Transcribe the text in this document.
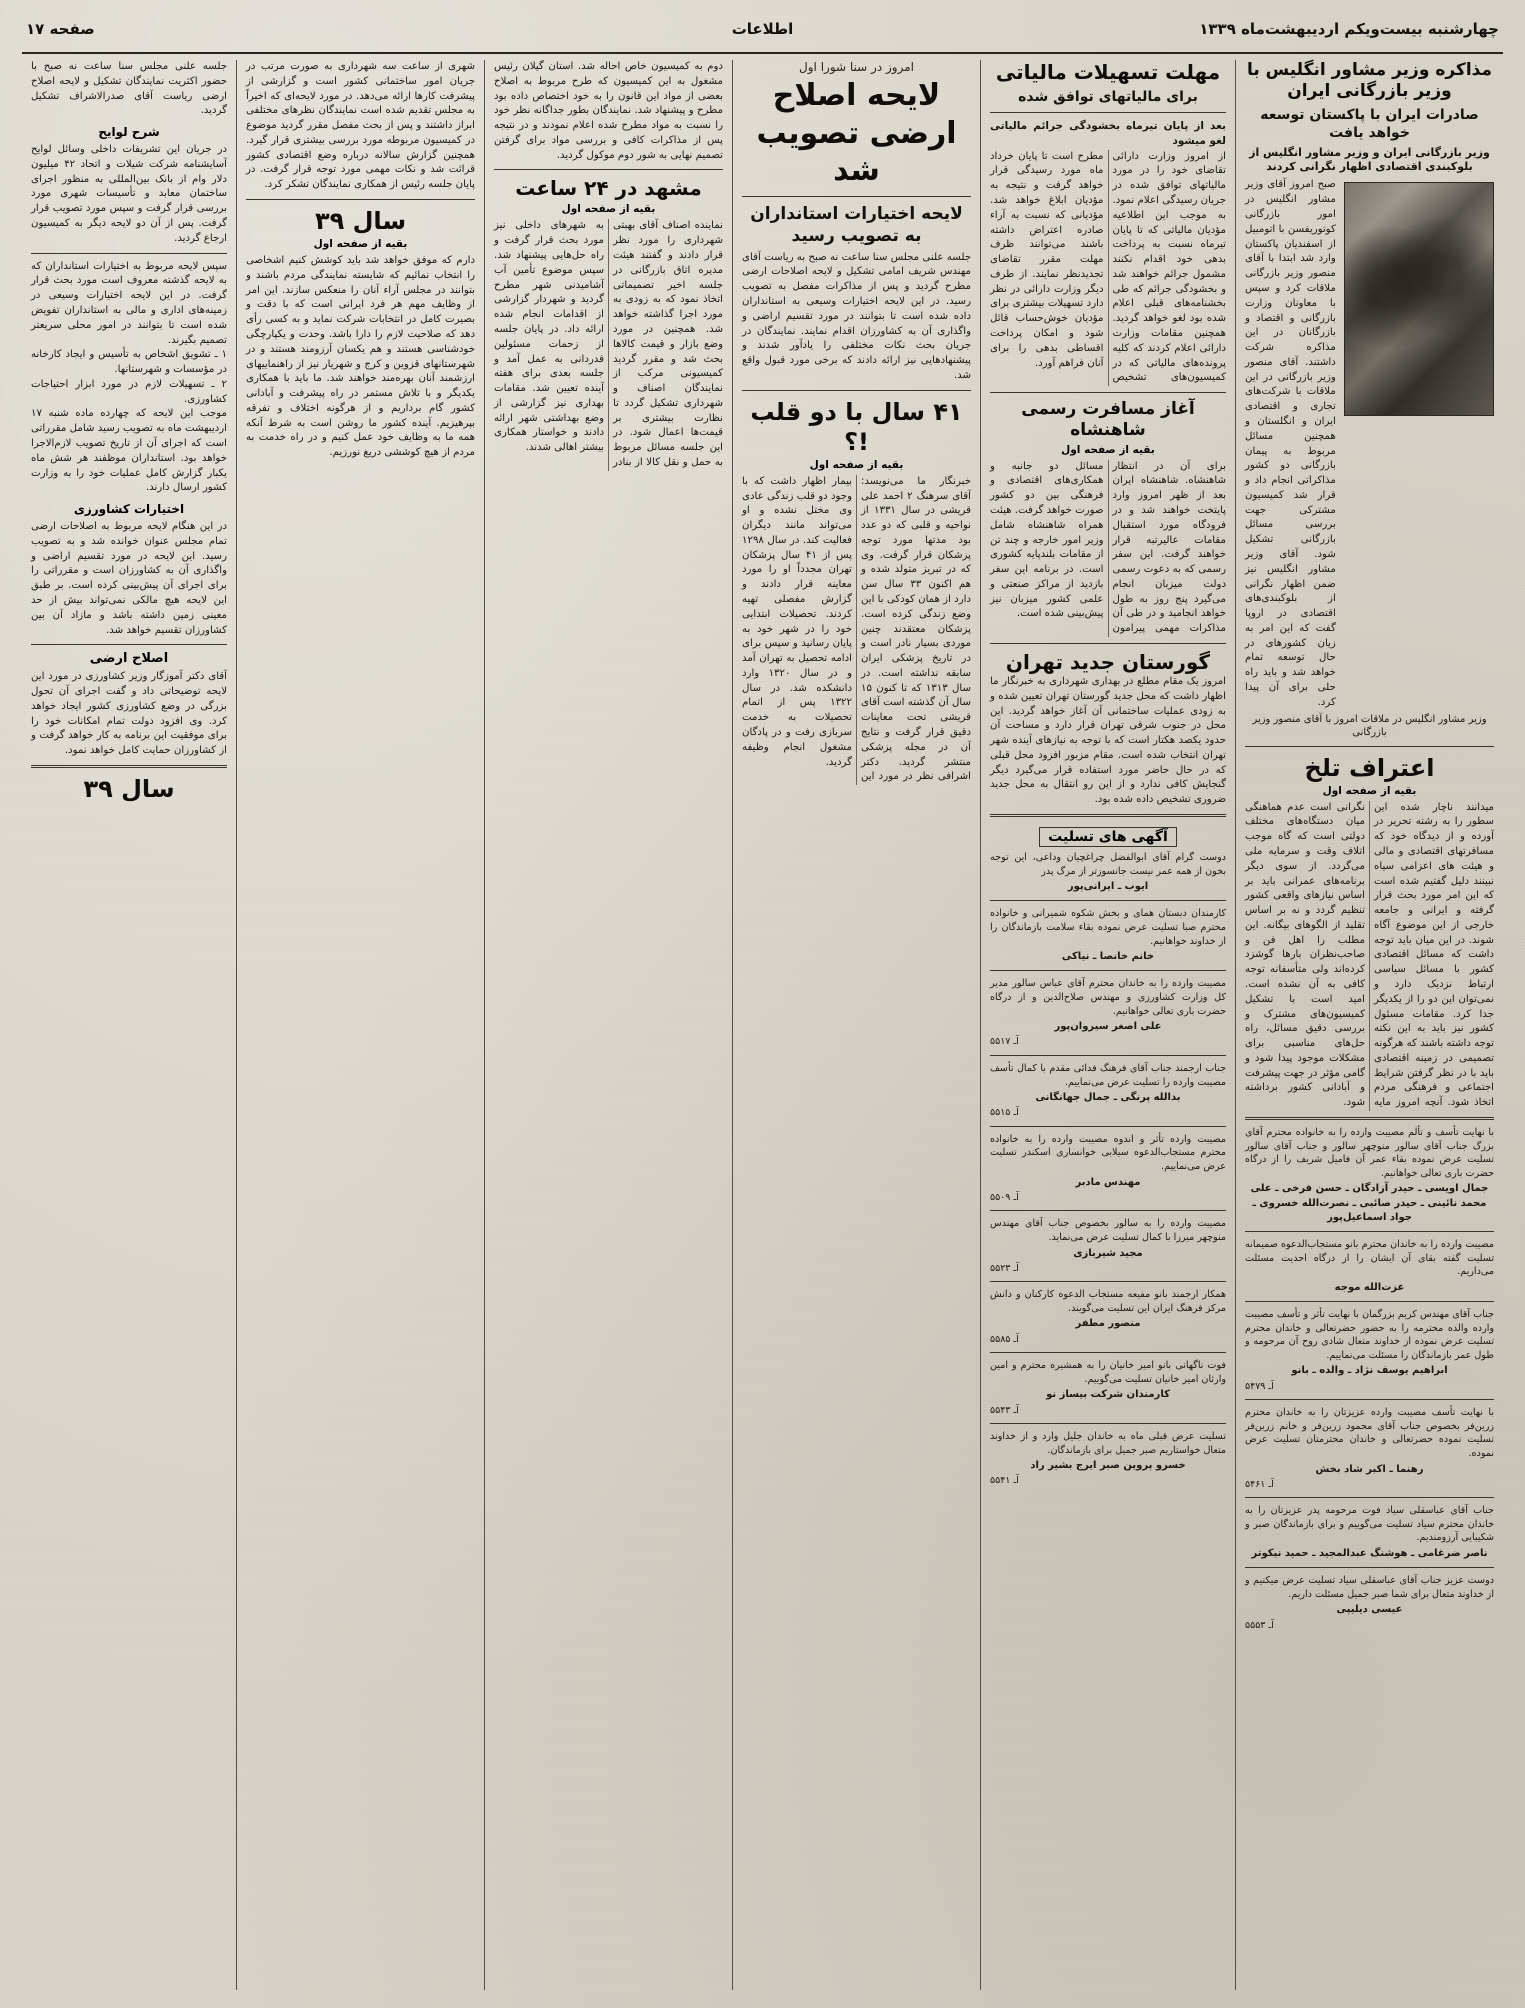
صفحه ۱۷	اطلاعات	چهارشنبه بیست‌ویکم اردیبهشت‌ماه ۱۳۳۹
مذاکره وزیر مشاور انگلیس با وزیر بازرگانی ایران
صادرات ایران با پاکستان توسعه خواهد یافت
وزیر بازرگانی ایران و وزیر مشاور انگلیس از بلوکبندی اقتصادی اظهار نگرانی کردند
صبح امروز آقای وزیر مشاور انگلیس در امور بازرگانی کوتوریفسن با اتومبیل از اسفندیان پاکستان وارد شد ابتدا با آقای منصور وزیر بازرگانی ملاقات کرد و سپس با معاونان وزارت بازرگانی و اقتصاد و بازرگانان در این مذاکره شرکت داشتند. آقای منصور وزیر بازرگانی در این ملاقات با شرکت‌های تجاری و اقتصادی ایران و انگلستان و همچنین مسائل مربوط به پیمان بازرگانی دو کشور مذاکراتی انجام داد و قرار شد کمیسیون مشترکی جهت بررسی مسائل بازرگانی تشکیل شود. آقای وزیر مشاور انگلیس نیز ضمن اظهار نگرانی از بلوکبندی‌های اقتصادی در اروپا گفت که این امر به زیان کشورهای در حال توسعه تمام خواهد شد و باید راه حلی برای آن پیدا کرد.
وزیر مشاور انگلیس در ملاقات امروز با آقای منصور وزیر بازرگانی
اعتراف تلخ
بقیه از صفحه اول
میدانند ناچار شده این سطور را به رشته تحریر در آورده و از دیدگاه خود که مسافرتهای اقتصادی و مالی و هیئت های اعزامی سیاه نبینند دلیل گفتیم شده است که این امر مورد بحث قرار گرفته و ایرانی و جامعه خارجی از این موضوع آگاه شوند. در این میان باید توجه داشت که مسائل اقتصادی کشور با مسائل سیاسی ارتباط نزدیک دارد و نمی‌توان این دو را از یکدیگر جدا کرد. مقامات مسئول کشور نیز باید به این نکته توجه داشته باشند که هرگونه تصمیمی در زمینه اقتصادی باید با در نظر گرفتن شرایط اجتماعی و فرهنگی مردم اتخاذ شود. آنچه امروز مایه نگرانی است عدم هماهنگی میان دستگاه‌های مختلف دولتی است که گاه موجب اتلاف وقت و سرمایه ملی می‌گردد. از سوی دیگر برنامه‌های عمرانی باید بر اساس نیازهای واقعی کشور تنظیم گردد و نه بر اساس تقلید از الگوهای بیگانه. این مطلب را اهل فن و صاحب‌نظران بارها گوشزد کرده‌اند ولی متأسفانه توجه کافی به آن نشده است. امید است با تشکیل کمیسیون‌های مشترک و بررسی دقیق مسائل، راه حل‌های مناسبی برای مشکلات موجود پیدا شود و گامی مؤثر در جهت پیشرفت و آبادانی کشور برداشته شود.
با نهایت تأسف و تألم مصیبت وارده را به خانواده محترم آقای بزرگ جناب آقای سالور منوچهر سالور و جناب آقای سالور تسلیت عرض نموده بقاء عمر آن فامیل شریف را از درگاه حضرت باری تعالی خواهانیم.
جمال اویسی ـ حیدر آزادگان ـ حسن فرخی ـ علی محمد نائینی ـ حیدر صائبی ـ نصرت‌الله خسروی ـ جواد اسماعیل‌پور
مصیبت وارده را به خاندان محترم بانو مستجاب‌الدعوه صمیمانه تسلیت گفته بقای آن ایشان را از درگاه احدیت مسئلت می‌داریم.
عزت‌الله موجه
جناب آقای مهندس کریم بزرگمان با نهایت تأثر و تأسف مصیبت وارده والده محترمه را به حضور حضرتعالی و خاندان محترم تسلیت عرض نموده از خداوند متعال شادی روح آن مرحومه و طول عمر بازماندگان را مسئلت می‌نماییم.
ابراهیم یوسف نژاد ـ والده ـ بانو
آـ ۵۴۷۹
با نهایت تأسف مصیبت وارده عزیزتان را به خاندان محترم زرین‌فر بخصوص جناب آقای محمود زرین‌فر و خانم زرین‌فر تسلیت نموده حضرتعالی و خاندان محترمتان تسلیت عرض نموده.
رهنما ـ اکبر شاد بخش
آـ ۵۴۶۱
جناب آقای عباسقلی سیاد فوت مرحومه پدر عزیزتان را به خاندان محترم سیاد تسلیت می‌گوییم و برای بازماندگان صبر و شکیبایی آرزومندیم.
ناصر ضرغامی ـ هوشنگ عبدالمجید ـ حمید نیکوتر
دوست عزیز جناب آقای عباسقلی سیاد تسلیت عرض میکنیم و از خداوند متعال برای شما صبر جمیل مسئلت داریم.
عیسی دیلیپی
آـ ۵۵۵۳
مهلت تسهیلات مالیاتی
برای مالیاتهای توافق شده
بعد از پایان تیرماه بخشودگی جرائم مالیاتی لغو میشود
از امروز وزارت دارائی تقاضای خود را در مورد مالیاتهای توافق شده در جریان رسیدگی اعلام نمود. به موجب این اطلاعیه مؤدیان مالیاتی که تا پایان تیرماه نسبت به پرداخت بدهی خود اقدام نکنند مشمول جرائم خواهند شد و بخشودگی جرائم که طی بخشنامه‌های قبلی اعلام شده بود لغو خواهد گردید. همچنین مقامات وزارت دارائی اعلام کردند که کلیه پرونده‌های مالیاتی که در کمیسیون‌های تشخیص مطرح است تا پایان خرداد ماه مورد رسیدگی قرار خواهد گرفت و نتیجه به مؤدیان ابلاغ خواهد شد. مؤدیانی که نسبت به آراء صادره اعتراض داشته باشند می‌توانند ظرف مهلت مقرر تقاضای تجدیدنظر نمایند. از طرف دیگر وزارت دارائی در نظر دارد تسهیلات بیشتری برای مؤدیان خوش‌حساب قائل شود و امکان پرداخت اقساطی بدهی را برای آنان فراهم آورد.
آغاز مسافرت رسمی شاهنشاه
بقیه از صفحه اول
برای آن در انتظار شاهنشاه. شاهنشاه ایران بعد از ظهر امروز وارد پایتخت خواهند شد و در فرودگاه مورد استقبال مقامات عالیرتبه قرار خواهند گرفت. این سفر رسمی که به دعوت رسمی دولت میزبان انجام می‌گیرد پنج روز به طول خواهد انجامید و در طی آن مذاکرات مهمی پیرامون مسائل دو جانبه و همکاری‌های اقتصادی و فرهنگی بین دو کشور صورت خواهد گرفت. هیئت همراه شاهنشاه شامل وزیر امور خارجه و چند تن از مقامات بلندپایه کشوری است. در برنامه این سفر بازدید از مراکز صنعتی و علمی کشور میزبان نیز پیش‌بینی شده است.
گورستان جدید تهران
امروز یک مقام مطلع در بهداری شهرداری به خبرنگار ما اظهار داشت که محل جدید گورستان تهران تعیین شده و به زودی عملیات ساختمانی آن آغاز خواهد گردید. این محل در جنوب شرقی تهران قرار دارد و مساحت آن حدود یکصد هکتار است که با توجه به نیازهای آینده شهر تهران انتخاب شده است. مقام مزبور افزود محل قبلی که در حال حاضر مورد استفاده قرار می‌گیرد دیگر گنجایش کافی ندارد و از این رو انتقال به محل جدید ضروری تشخیص داده شده بود.
آگهی های تسلیت
دوست گرام آقای ابوالفضل چراغچیان وداعی، این توجه بخون از همه عمر نیست جانسوزتر از مرگ پدر
ایوب ـ ایرانی‌پور
کارمندان دبستان همای و بخش شکوه شمیرانی و خانواده محترم صبا تسلیت عرض نموده بقاء سلامت بازماندگان را از خداوند خواهانیم.
خانم خانصا ـ نیاکی
مصیبت وارده را به خاندان محترم آقای عباس سالور مدیر کل وزارت کشاورزی و مهندس صلاح‌الدین و از درگاه حضرت باری تعالی خواهانیم.
علی اصغر سیروان‌پور
آـ ۵۵۱۷
جناب ارجمند جناب آقای فرهنگ فدائی مقدم با کمال تأسف مصیبت وارده را تسلیت عرض می‌نماییم.
بدالله پرنگی ـ جمال جهانگانی
آـ ۵۵۱۵
مصیبت وارده تأثر و اندوه مصیبت وارده را به خانواده محترم مستجاب‌الدعوه سیلابی خوانساری اسکندر تسلیت عرض می‌نماییم.
مهندس مادبر
آـ ۵۵۰۹
مصیبت وارده را به سالور بخصوص جناب آقای مهندس منوچهر میرزا با کمال تسلیت عرض می‌نماید.
مجید شیربازی
آـ ۵۵۲۳
همکار ارجمند بانو مفیعه مستجاب الدعوه کارکنان و دانش مرکز فرهنگ ایران این تسلیت می‌گویند.
منصور مطفر
آـ ۵۵۸۵
فوت ناگهانی بانو امیر خانیان را به همشیره محترم و امین وارثان امیر خانیان تسلیت می‌گوییم.
کارمندان شرکت بیساز نو
آـ ۵۵۴۳
تسلیت عرض قبلی ماه به خاندان جلیل وارد و از خداوند متعال خواستاریم صبر جمیل برای بازماندگان.
خسرو پروین صبر ایرج بشیر راد
آـ ۵۵۴۱
امروز در سنا شورا اول
لایحه اصلاح ارضی تصویب شد
لایحه اختیارات استانداران به تصویب رسید
جلسه علنی مجلس سنا ساعت نه صبح به ریاست آقای مهندس شریف امامی تشکیل و لایحه اصلاحات ارضی مطرح گردید و پس از مذاکرات مفصل به تصویب رسید. در این لایحه اختیارات وسیعی به استانداران داده شده است تا بتوانند در مورد تقسیم اراضی و واگذاری آن به کشاورزان اقدام نمایند. نمایندگان در جریان بحث نکات مختلفی را یادآور شدند و پیشنهادهایی نیز ارائه دادند که برخی مورد قبول واقع شد.
۴۱ سال با دو قلب !؟
بقیه از صفحه اول
خبرنگار ما می‌نویسد: آقای سرهنگ ۲ احمد علی قریشی در سال ۱۳۳۱ از نواحیه و قلبی که دو عدد بود مدتها مورد توجه پزشکان قرار گرفت. وی که در تبریز متولد شده و هم اکنون ۳۳ سال سن دارد از همان کودکی با این وضع زندگی کرده است. پزشکان معتقدند چنین موردی بسیار نادر است و در تاریخ پزشکی ایران سابقه نداشته است. در سال ۱۳۱۳ که تا کنون ۱۵ سال آن گذشته است آقای قریشی تحت معاینات دقیق قرار گرفت و نتایج آن در مجله پزشکی منتشر گردید. دکتر اشرافی نظر در مورد این بیمار اظهار داشت که با وجود دو قلب زندگی عادی وی مختل نشده و او می‌تواند مانند دیگران فعالیت کند. در سال ۱۲۹۸ پس از ۴۱ سال پزشکان تهران مجدداً او را مورد معاینه قرار دادند و گزارش مفصلی تهیه کردند. تحصیلات ابتدایی خود را در شهر خود به پایان رسانید و سپس برای ادامه تحصیل به تهران آمد و در سال ۱۳۲۰ وارد دانشکده شد. در سال ۱۳۲۲ پس از اتمام تحصیلات به خدمت سربازی رفت و در پادگان مشغول انجام وظیفه گردید.
دوم به کمیسیون خاص احاله شد. استان گیلان رئیس مشغول به این کمیسیون که طرح مربوط به اصلاح بعضی از مواد این قانون را به خود اختصاص داده بود مطرح و پیشنهاد شد. نمایندگان بطور جداگانه نظر خود را نسبت به مواد مطرح شده اعلام نمودند و در نتیجه پس از مذاکرات کافی و بررسی مواد برای گرفتن تصمیم نهایی به شور دوم موکول گردید.
مشهد در ۲۴ ساعت
بقیه از صفحه اول
نماینده اصناف آقای بهبتی شهرداری را مورد نظر قرار دادند و گفتند هیئت مدیره اتاق بازرگانی در جلسه اخیر تصمیماتی اتخاذ نمود که به زودی به مورد اجرا گذاشته خواهد شد. همچنین در مورد وضع بازار و قیمت کالاها بحث شد و مقرر گردید کمیسیونی مرکب از نمایندگان اصناف و شهرداری تشکیل گردد تا نظارت بیشتری بر قیمت‌ها اعمال شود. در این جلسه مسائل مربوط به حمل و نقل کالا از بنادر به شهرهای داخلی نیز مورد بحث قرار گرفت و راه حل‌هایی پیشنهاد شد. سپس موضوع تأمین آب آشامیدنی شهر مطرح گردید و شهردار گزارشی از اقدامات انجام شده ارائه داد. در پایان جلسه از زحمات مسئولین قدردانی به عمل آمد و جلسه بعدی برای هفته آینده تعیین شد. مقامات بهداری نیز گزارشی از وضع بهداشتی شهر ارائه دادند و خواستار همکاری بیشتر اهالی شدند.
شهری از ساعت سه شهرداری به صورت مرتب در جریان امور ساختمانی کشور است و گزارشی از پیشرفت کارها ارائه می‌دهد. در مورد لایحه‌ای که اخیراً به مجلس تقدیم شده است نمایندگان نظرهای مختلفی ابراز داشتند و پس از بحث مفصل مقرر گردید موضوع در کمیسیون مربوطه مورد بررسی بیشتری قرار گیرد. همچنین گزارش سالانه درباره وضع اقتصادی کشور قرائت شد و نکات مهمی مورد توجه قرار گرفت. در پایان جلسه رئیس از همکاری نمایندگان تشکر کرد.
سال ۳۹
بقیه از صفحه اول
دارم که موفق خواهد شد باید کوشش کنیم اشخاصی را انتخاب نمائیم که شایسته نمایندگی مردم باشند و بتوانند در مجلس آراء آنان را منعکس سازند. این امر از وظایف مهم هر فرد ایرانی است که با دقت و بصیرت کامل در انتخابات شرکت نماید و به کسی رأی دهد که صلاحیت لازم را دارا باشد. وحدت و یکپارچگی خودشناسی هستند و هم یکسان آرزومند هستند و در شهرستانهای قزوین و کرج و شهریار نیز از راهنماییهای ارزشمند آنان بهره‌مند خواهند شد. ما باید با همکاری یکدیگر و با تلاش مستمر در راه پیشرفت و آبادانی کشور گام برداریم و از هرگونه اختلاف و تفرقه بپرهیزیم. آینده کشور ما روشن است به شرط آنکه همه ما به وظایف خود عمل کنیم و در راه خدمت به مردم از هیچ کوششی دریغ نورزیم.
جلسه علنی مجلس سنا ساعت نه صبح با حضور اکثریت نمایندگان تشکیل و لایحه اصلاح ارضی ریاست آقای صدرالاشراف تشکیل گردید.
شرح لوایح
در جریان این تشریفات داخلی وسائل لوایح آسایشنامه شرکت شیلات و اتحاد ۴۲ میلیون دلار وام از بانک بین‌المللی به منظور اجرای ساختمان معابد و تأسیسات شهری مورد بررسی قرار گرفت و سپس مورد تصویب قرار گرفت. پس از آن دو لایحه دیگر به کمیسیون ارجاع گردید.
سپس لایحه مربوط به اختیارات استانداران که به لایحه گذشته معروف است مورد بحث قرار گرفت. در این لایحه اختیارات وسیعی در زمینه‌های اداری و مالی به استانداران تفویض شده است تا بتوانند در امور محلی سریعتر تصمیم بگیرند.
۱ ـ تشویق اشخاص به تأسیس و ایجاد کارخانه در مؤسسات و شهرستانها.
۲ ـ تسهیلات لازم در مورد ابزار احتیاجات کشاورزی.
موجب این لایحه که چهارده ماده شنبه ۱۷ اردیبهشت ماه به تصویب رسید شامل مقرراتی است که اجرای آن از تاریخ تصویب لازم‌الاجرا خواهد بود. استانداران موظفند هر شش ماه یکبار گزارش کامل عملیات خود را به وزارت کشور ارسال دارند.
اختیارات کشاورزی
در این هنگام لایحه مربوط به اصلاحات ارضی تمام مجلس عنوان خوانده شد و به تصویب رسید. این لایحه در مورد تقسیم اراضی و واگذاری آن به کشاورزان است و مقرراتی را برای اجرای آن پیش‌بینی کرده است. بر طبق این لایحه هیچ مالکی نمی‌تواند بیش از حد معینی زمین داشته باشد و مازاد آن بین کشاورزان تقسیم خواهد شد.
اصلاح ارضی
آقای دکتر آموزگار وزیر کشاورزی در مورد این لایحه توضیحاتی داد و گفت اجرای آن تحول بزرگی در وضع کشاورزی کشور ایجاد خواهد کرد. وی افزود دولت تمام امکانات خود را برای موفقیت این برنامه به کار خواهد گرفت و از کشاورزان حمایت کامل خواهد نمود.
سال ۳۹
